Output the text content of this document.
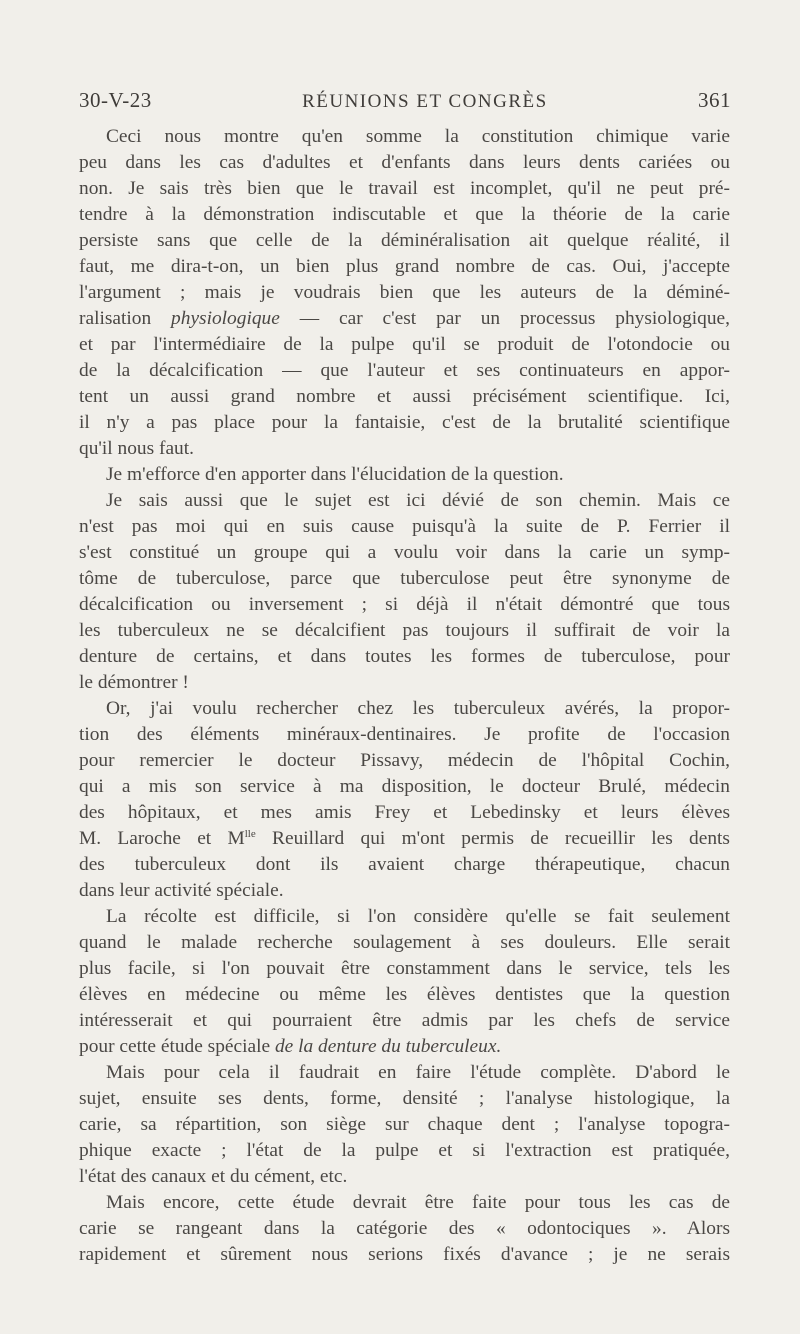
30-V-23	RÉUNIONS ET CONGRÈS	361
Ceci nous montre qu'en somme la constitution chimique varie
peu dans les cas d'adultes et d'enfants dans leurs dents cariées ou
non. Je sais très bien que le travail est incomplet, qu'il ne peut pré-
tendre à la démonstration indiscutable et que la théorie de la carie
persiste sans que celle de la déminéralisation ait quelque réalité, il
faut, me dira-t-on, un bien plus grand nombre de cas. Oui, j'accepte
l'argument ; mais je voudrais bien que les auteurs de la déminé-
ralisation physiologique — car c'est par un processus physiologique,
et par l'intermédiaire de la pulpe qu'il se produit de l'otondocie ou
de la décalcification — que l'auteur et ses continuateurs en appor-
tent un aussi grand nombre et aussi précisément scientifique. Ici,
il n'y a pas place pour la fantaisie, c'est de la brutalité scientifique
qu'il nous faut.
Je m'efforce d'en apporter dans l'élucidation de la question.
Je sais aussi que le sujet est ici dévié de son chemin. Mais ce
n'est pas moi qui en suis cause puisqu'à la suite de P. Ferrier il
s'est constitué un groupe qui a voulu voir dans la carie un symp-
tôme de tuberculose, parce que tuberculose peut être synonyme de
décalcification ou inversement ; si déjà il n'était démontré que tous
les tuberculeux ne se décalcifient pas toujours il suffirait de voir la
denture de certains, et dans toutes les formes de tuberculose, pour
le démontrer !
Or, j'ai voulu rechercher chez les tuberculeux avérés, la propor-
tion des éléments minéraux-dentinaires. Je profite de l'occasion
pour remercier le docteur Pissavy, médecin de l'hôpital Cochin,
qui a mis son service à ma disposition, le docteur Brulé, médecin
des hôpitaux, et mes amis Frey et Lebedinsky et leurs élèves
M. Laroche et $M^{lle}$ Reuillard qui m'ont permis de recueillir les dents
des tuberculeux dont ils avaient charge thérapeutique, chacun
dans leur activité spéciale.
La récolte est difficile, si l'on considère qu'elle se fait seulement
quand le malade recherche soulagement à ses douleurs. Elle serait
plus facile, si l'on pouvait être constamment dans le service, tels les
élèves en médecine ou même les élèves dentistes que la question
intéresserait et qui pourraient être admis par les chefs de service
pour cette étude spéciale de la denture du tuberculeux.
Mais pour cela il faudrait en faire l'étude complète. D'abord le
sujet, ensuite ses dents, forme, densité ; l'analyse histologique, la
carie, sa répartition, son siège sur chaque dent ; l'analyse topogra-
phique exacte ; l'état de la pulpe et si l'extraction est pratiquée,
l'état des canaux et du cément, etc.
Mais encore, cette étude devrait être faite pour tous les cas de
carie se rangeant dans la catégorie des « odontociques ». Alors
rapidement et sûrement nous serions fixés d'avance ; je ne serais
